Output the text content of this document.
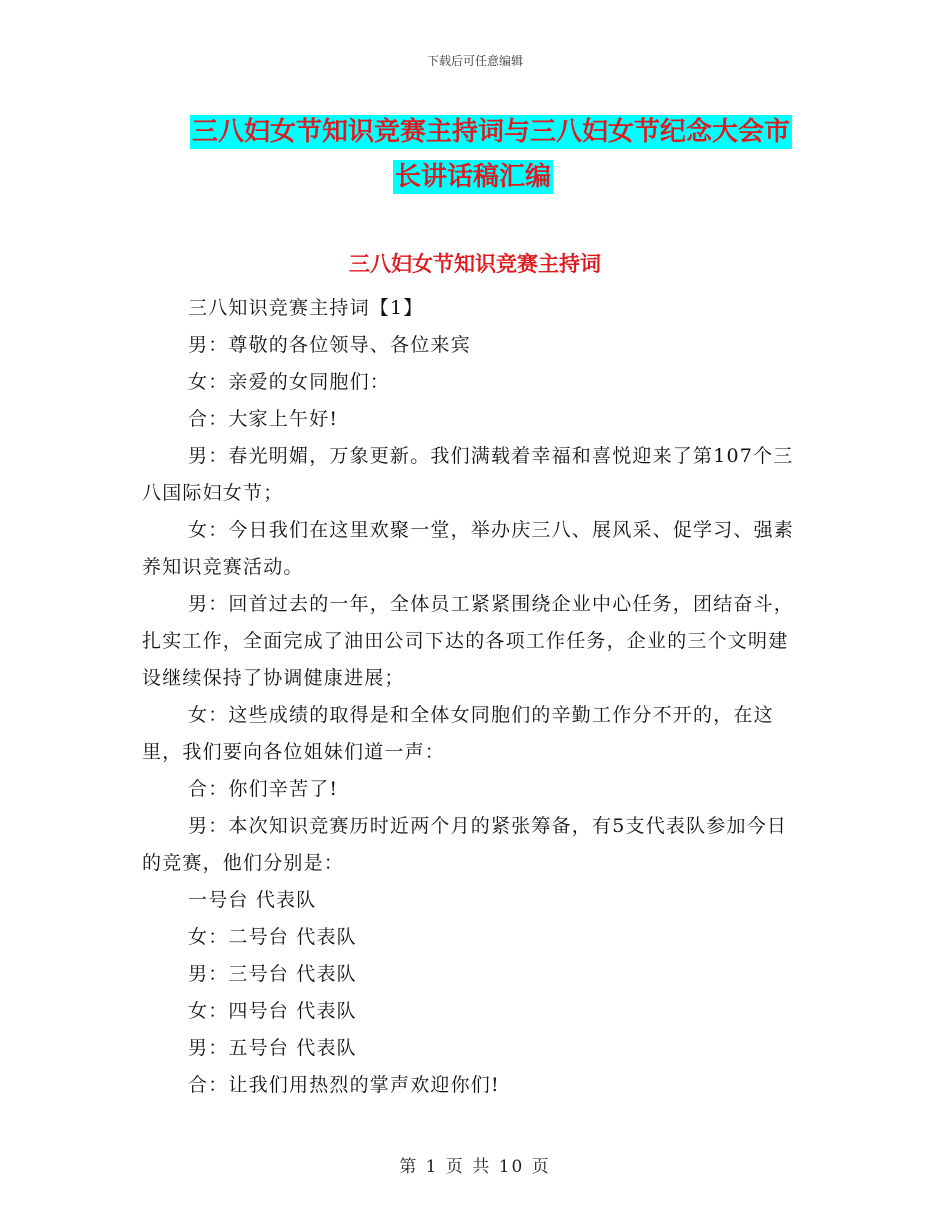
下载后可任意编辑
三八妇女节知识竞赛主持词与三八妇女节纪念大会市
长讲话稿汇编
三八妇女节知识竞赛主持词

三八知识竞赛主持词【1】

男：尊敬的各位领导、各位来宾

女：亲爱的女同胞们：

合：大家上午好!

男：春光明媚，万象更新。我们满载着幸福和喜悦迎来了第107个三八国际妇女节；

女：今日我们在这里欢聚一堂，举办庆三八、展风采、促学习、强素养知识竞赛活动。

男：回首过去的一年，全体员工紧紧围绕企业中心任务，团结奋斗，扎实工作，全面完成了油田公司下达的各项工作任务，企业的三个文明建设继续保持了协调健康进展；

女：这些成绩的取得是和全体女同胞们的辛勤工作分不开的，在这里，我们要向各位姐妹们道一声：

合：你们辛苦了!

男：本次知识竞赛历时近两个月的紧张筹备，有5支代表队参加今日的竞赛，他们分别是：

一号台 代表队

女：二号台 代表队

男：三号台 代表队

女：四号台 代表队

男：五号台 代表队

合：让我们用热烈的掌声欢迎你们!

第 1 页 共 10 页
